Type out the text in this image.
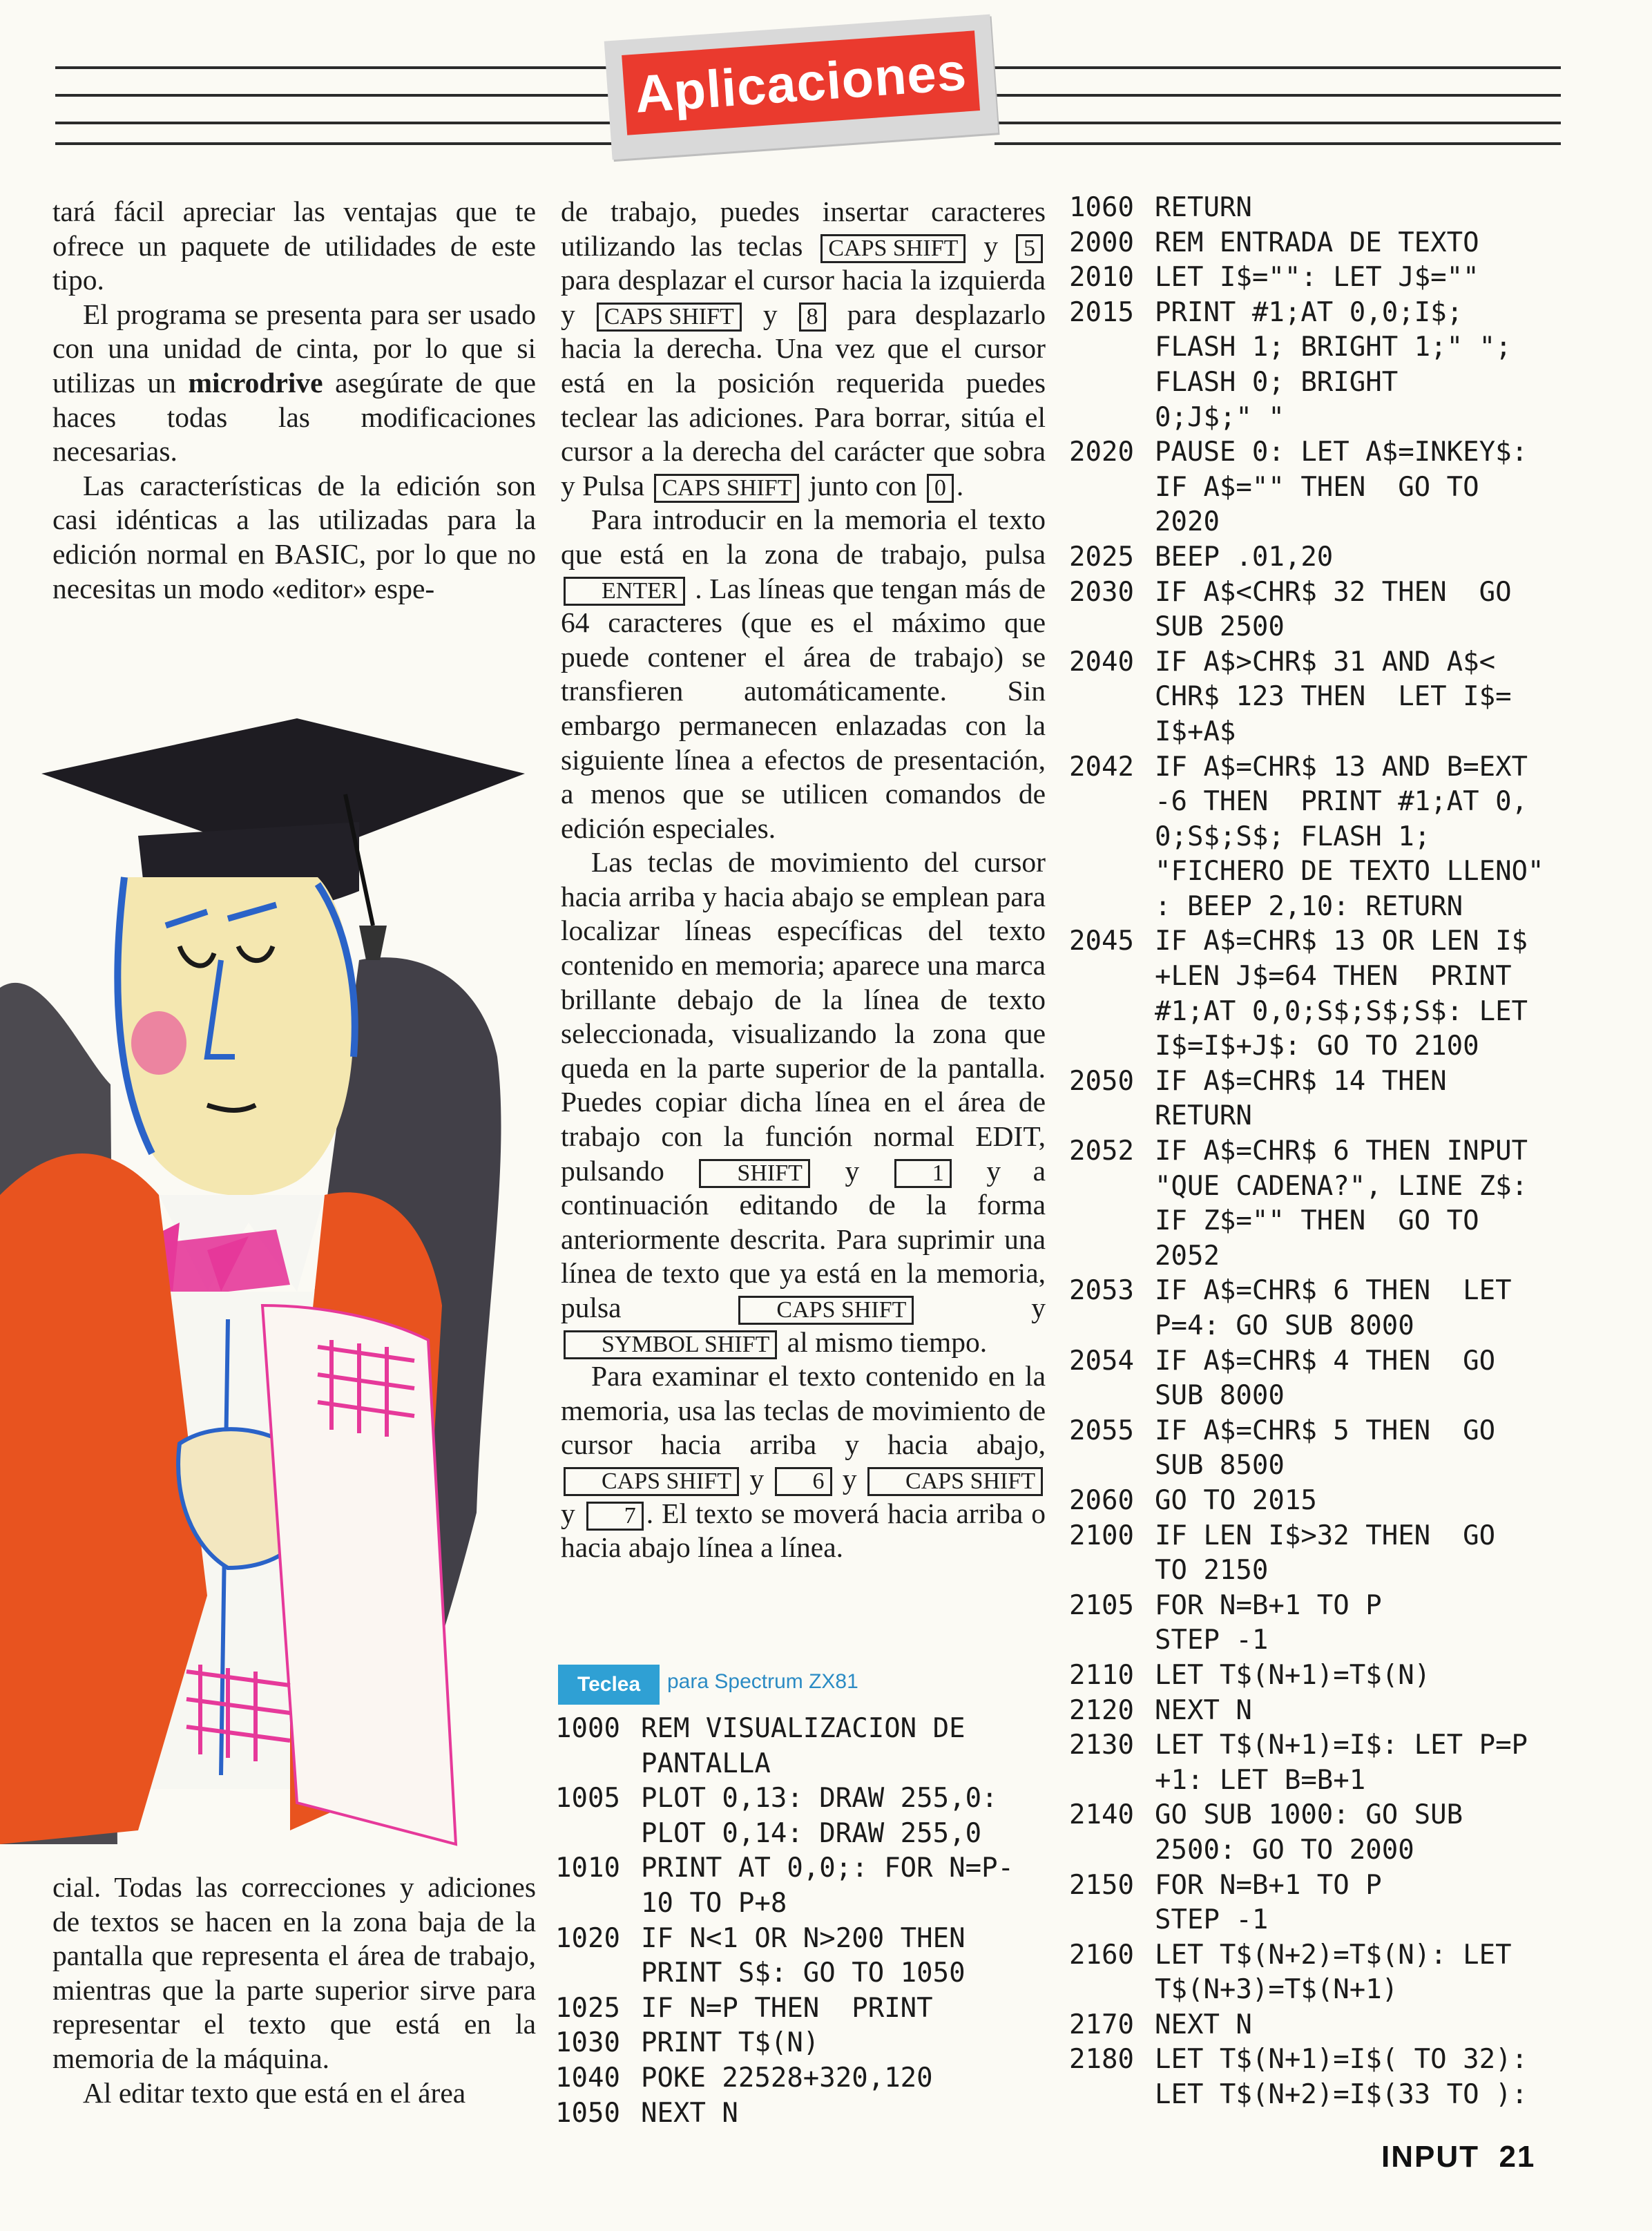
Aplicaciones

tará fácil apreciar las ventajas que te ofrece un paquete de utilidades de este tipo.

El programa se presenta para ser usado con una unidad de cinta, por lo que si utilizas un microdrive asegúrate de que haces todas las modificaciones necesarias.

Las características de la edición son casi idénticas a las utilizadas para la edición normal en BASIC, por lo que no necesitas un modo «editor» espe-

cial. Todas las correcciones y adiciones de textos se hacen en la zona baja de la pantalla que representa el área de trabajo, mientras que la parte superior sirve para representar el texto que está en la memoria de la máquina.

Al editar texto que está en el área

de trabajo, puedes insertar caracteres utilizando las teclas CAPS SHIFT y 5 para desplazar el cursor hacia la izquierda y CAPS SHIFT y 8 para desplazarlo hacia la derecha. Una vez que el cursor está en la posición requerida puedes teclear las adiciones. Para borrar, sitúa el cursor a la derecha del carácter que sobra y Pulsa CAPS SHIFT junto con 0 .

Para introducir en la memoria el texto que está en la zona de trabajo, pulsa ENTER . Las líneas que tengan más de 64 caracteres (que es el máximo que puede contener el área de trabajo) se transfieren automáticamente. Sin embargo permanecen enlazadas con la siguiente línea a efectos de presentación, a menos que se utilicen comandos de edición especiales.

Las teclas de movimiento del cursor hacia arriba y hacia abajo se emplean para localizar líneas específicas del texto contenido en memoria; aparece una marca brillante debajo de la línea de texto seleccionada, visualizando la zona que queda en la parte superior de la pantalla. Puedes copiar dicha línea en el área de trabajo con la función normal EDIT, pulsando	SHIFT y	1 y a continuación editando de la forma anteriormente descrita. Para suprimir una línea de texto que ya está en la memoria, pulsa	CAPS SHIFT	y SYMBOL SHIFT al mismo tiempo.

Para examinar el texto contenido en la memoria, usa las teclas de movimiento de cursor hacia arriba y hacia abajo, CAPS SHIFT y 6 y CAPS SHIFT y 7 . El texto se moverá hacia arriba o hacia abajo línea a línea.

Teclea	para Spectrum ZX81
1000 REM VISUALIZACION DE
PANTALLA
1005 PLOT 0,13: DRAW 255,0:
PLOT 0,14: DRAW 255,0
1010 PRINT AT 0,0;: FOR N=P-
10 TO P+8
1020 IF N<1 OR N>200 THEN
PRINT S$: GO TO 1050
1025 IF N=P THEN  PRINT
1030 PRINT T$(N)
1040 POKE 22528+320,120
1050 NEXT N
1060 RETURN
2000 REM ENTRADA DE TEXTO
2010 LET I$="": LET J$=""
2015 PRINT #1;AT 0,0;I$;
FLASH 1; BRIGHT 1;" ";
FLASH 0; BRIGHT
0;J$;" "
2020 PAUSE 0: LET A$=INKEY$:
IF A$="" THEN  GO TO
2020
2025 BEEP .01,20
2030 IF A$<CHR$ 32 THEN  GO
SUB 2500
2040 IF A$>CHR$ 31 AND A$<
CHR$ 123 THEN  LET I$=
I$+A$
2042 IF A$=CHR$ 13 AND B=EXT
-6 THEN  PRINT #1;AT 0,
0;S$;S$; FLASH 1;
"FICHERO DE TEXTO LLENO"
: BEEP 2,10: RETURN
2045 IF A$=CHR$ 13 OR LEN I$
+LEN J$=64 THEN  PRINT
#1;AT 0,0;S$;S$;S$: LET
I$=I$+J$: GO TO 2100
2050 IF A$=CHR$ 14 THEN
RETURN
2052 IF A$=CHR$ 6 THEN INPUT
"QUE CADENA?", LINE Z$:
IF Z$="" THEN  GO TO
2052
2053 IF A$=CHR$ 6 THEN  LET
P=4: GO SUB 8000
2054 IF A$=CHR$ 4 THEN  GO
SUB 8000
2055 IF A$=CHR$ 5 THEN  GO
SUB 8500
2060 GO TO 2015
2100 IF LEN I$>32 THEN  GO
TO 2150
2105 FOR N=B+1 TO P
STEP -1
2110 LET T$(N+1)=T$(N)
2120 NEXT N
2130 LET T$(N+1)=I$: LET P=P
+1: LET B=B+1
2140 GO SUB 1000: GO SUB
2500: GO TO 2000
2150 FOR N=B+1 TO P
STEP -1
2160 LET T$(N+2)=T$(N): LET
T$(N+3)=T$(N+1)
2170 NEXT N
2180 LET T$(N+1)=I$( TO 32):
LET T$(N+2)=I$(33 TO ):
INPUT 21
